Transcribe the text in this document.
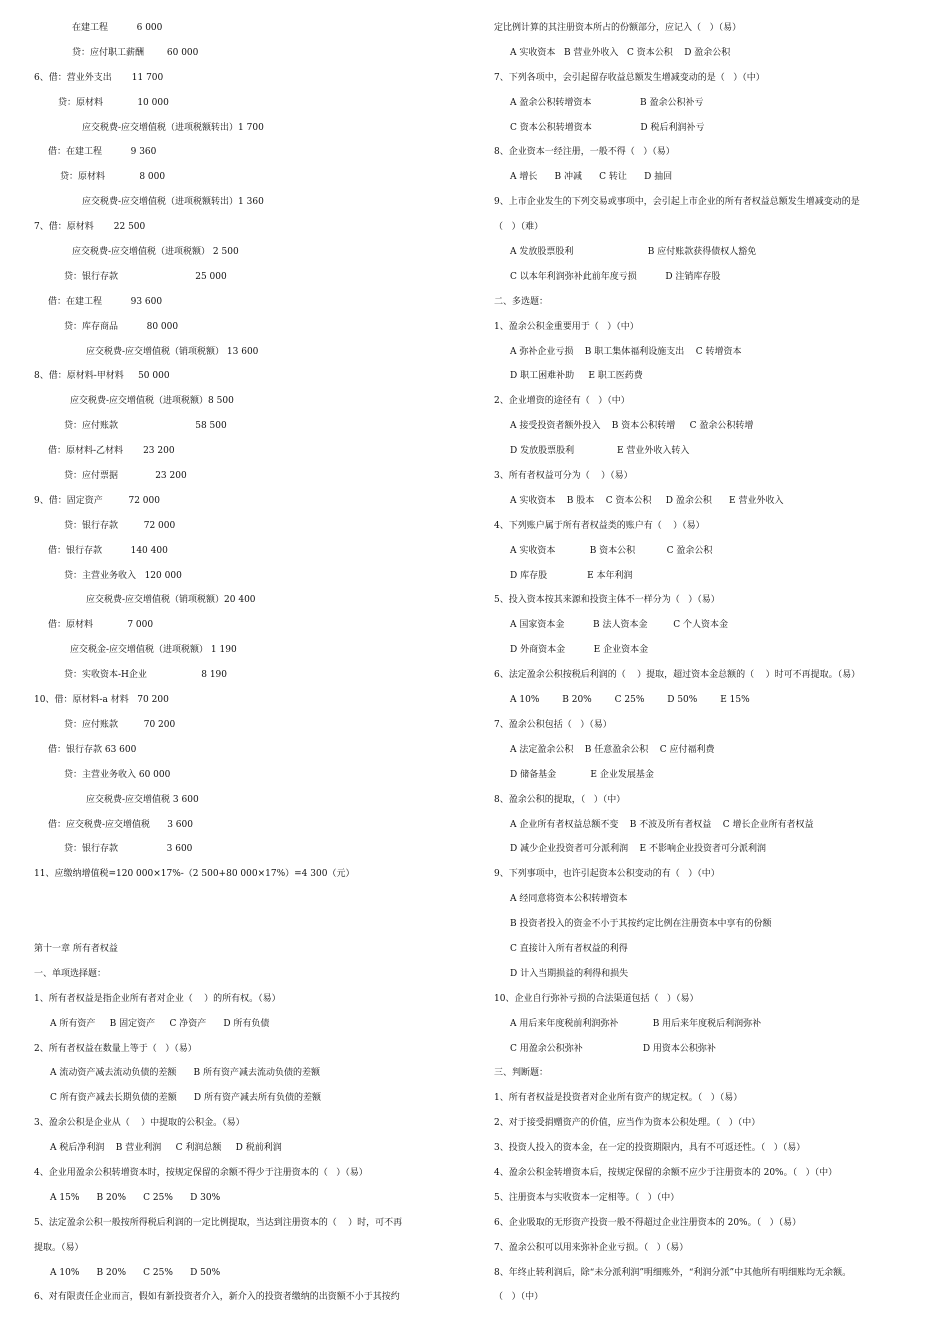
在建工程          6 000
贷：应付职工薪酬        60 000
6、借：营业外支出       11 700
贷：原材料            10 000
应交税费-应交增值税（进项税额转出）1 700
借：在建工程          9 360
贷：原材料            8 000
应交税费-应交增值税（进项税额转出）1 360
7、借：原材料       22 500
应交税费-应交增值税（进项税额） 2 500
贷：银行存款                           25 000
借：在建工程          93 600
贷：库存商品          80 000
应交税费-应交增值税（销项税额） 13 600
8、借：原材料-甲材料     50 000
应交税费-应交增值税（进项税额）8 500
贷：应付账款                           58 500
借：原材料-乙材料       23 200
贷：应付票据             23 200
9、借：固定资产         72 000
贷：银行存款         72 000
借：银行存款          140 400
贷：主营业务收入   120 000
应交税费-应交增值税（销项税额）20 400
借：原材料            7 000
应交税金-应交增值税（进项税额） 1 190
贷：实收资本-H企业                   8 190
10、借：原材料-a 材料   70 200
贷：应付账款         70 200
借：银行存款 63 600
贷：主营业务收入 60 000
应交税费-应交增值税 3 600
借：应交税费-应交增值税      3 600
贷：银行存款                 3 600
11、应缴纳增值税=120 000×17%-（2 500+80 000×17%）=4 300（元）
第十一章 所有者权益
一、单项选择题：
1、所有者权益是指企业所有者对企业（    ）的所有权。（易）
A 所有资产     B 固定资产     C 净资产      D 所有负债
2、所有者权益在数量上等于（   ）（易）
A 流动资产减去流动负债的差额      B 所有资产减去流动负债的差额
C 所有资产减去长期负债的差额      D 所有资产减去所有负债的差额
3、盈余公积是企业从（    ）中提取的公积金。（易）
A 税后净利润    B 营业利润     C 利润总额     D 税前利润
4、企业用盈余公积转增资本时，按规定保留的余额不得少于注册资本的（   ）（易）
A 15%      B 20%      C 25%      D 30%
5、法定盈余公积一般按所得税后利润的一定比例提取，当达到注册资本的（    ）时，可不再
提取。（易）
A 10%      B 20%      C 25%      D 50%
6、对有限责任企业而言，假如有新投资者介入，新介入的投资者缴纳的出资额不小于其按约
定比例计算的其注册资本所占的份额部分，应记入（   ）（易）
A 实收资本   B 营业外收入   C 资本公积    D 盈余公积
7、下列各项中，会引起留存收益总额发生增减变动的是（   ）（中）
A 盈余公积转增资本                 B 盈余公积补亏
C 资本公积转增资本                 D 税后利润补亏
8、企业资本一经注册，一般不得（   ）（易）
A 增长      B 冲减      C 转让      D 抽回
9、上市企业发生的下列交易或事项中，会引起上市企业的所有者权益总额发生增减变动的是
（   ）（难）
A 发放股票股利                          B 应付账款获得债权人豁免
C 以本年利润弥补此前年度亏损          D 注销库存股
二、多选题：
1、盈余公积金重要用于（   ）（中）
A 弥补企业亏损    B 职工集体福利设施支出    C 转增资本
D 职工困难补助     E 职工医药费
2、企业增资的途径有（   ）（中）
A 接受投资者额外投入    B 资本公积转增     C 盈余公积转增
D 发放股票股利               E 营业外收入转入
3、所有者权益可分为（    ）（易）
A 实收资本    B 股本    C 资本公积     D 盈余公积      E 营业外收入
4、下列账户属于所有者权益类的账户有（    ）（易）
A 实收资本            B 资本公积           C 盈余公积
D 库存股              E 本年利润
5、投入资本按其来源和投资主体不一样分为（   ）（易）
A 国家资本金          B 法人资本金         C 个人资本金
D 外商资本金          E 企业资本金
6、法定盈余公积按税后利润的（    ）提取，超过资本金总额的（    ）时可不再提取。（易）
A 10%        B 20%        C 25%        D 50%        E 15%
7、盈余公积包括（   ）（易）
A 法定盈余公积    B 任意盈余公积    C 应付福利费
D 储备基金            E 企业发展基金
8、盈余公积的提取，（   ）（中）
A 企业所有者权益总额不变    B 不波及所有者权益    C 增长企业所有者权益
D 减少企业投资者可分派利润    E 不影响企业投资者可分派利润
9、下列事项中，也许引起资本公积变动的有（   ）（中）
A 经同意将资本公积转增资本
B 投资者投入的资金不小于其按约定比例在注册资本中享有的份额
C 直接计入所有者权益的利得
D 计入当期损益的利得和损失
10、企业自行弥补亏损的合法渠道包括（   ）（易）
A 用后来年度税前利润弥补            B 用后来年度税后利润弥补
C 用盈余公积弥补                     D 用资本公积弥补
三、判断题：
1、所有者权益是投资者对企业所有资产的规定权。（   ）（易）
2、对于接受捐赠资产的价值，应当作为资本公积处理。（   ）（中）
3、投资人投入的资本金，在一定的投资期限内，具有不可返还性。（   ）（易）
4、盈余公积金转增资本后，按规定保留的余额不应少于注册资本的 20%。（   ）（中）
5、注册资本与实收资本一定相等。（   ）（中）
6、企业吸取的无形资产投资一般不得超过企业注册资本的 20%。（   ）（易）
7、盈余公积可以用来弥补企业亏损。（   ）（易）
8、年终止转利润后，除“未分派利润”明细账外，“利润分派”中其他所有明细账均无余额。
（   ）（中）
